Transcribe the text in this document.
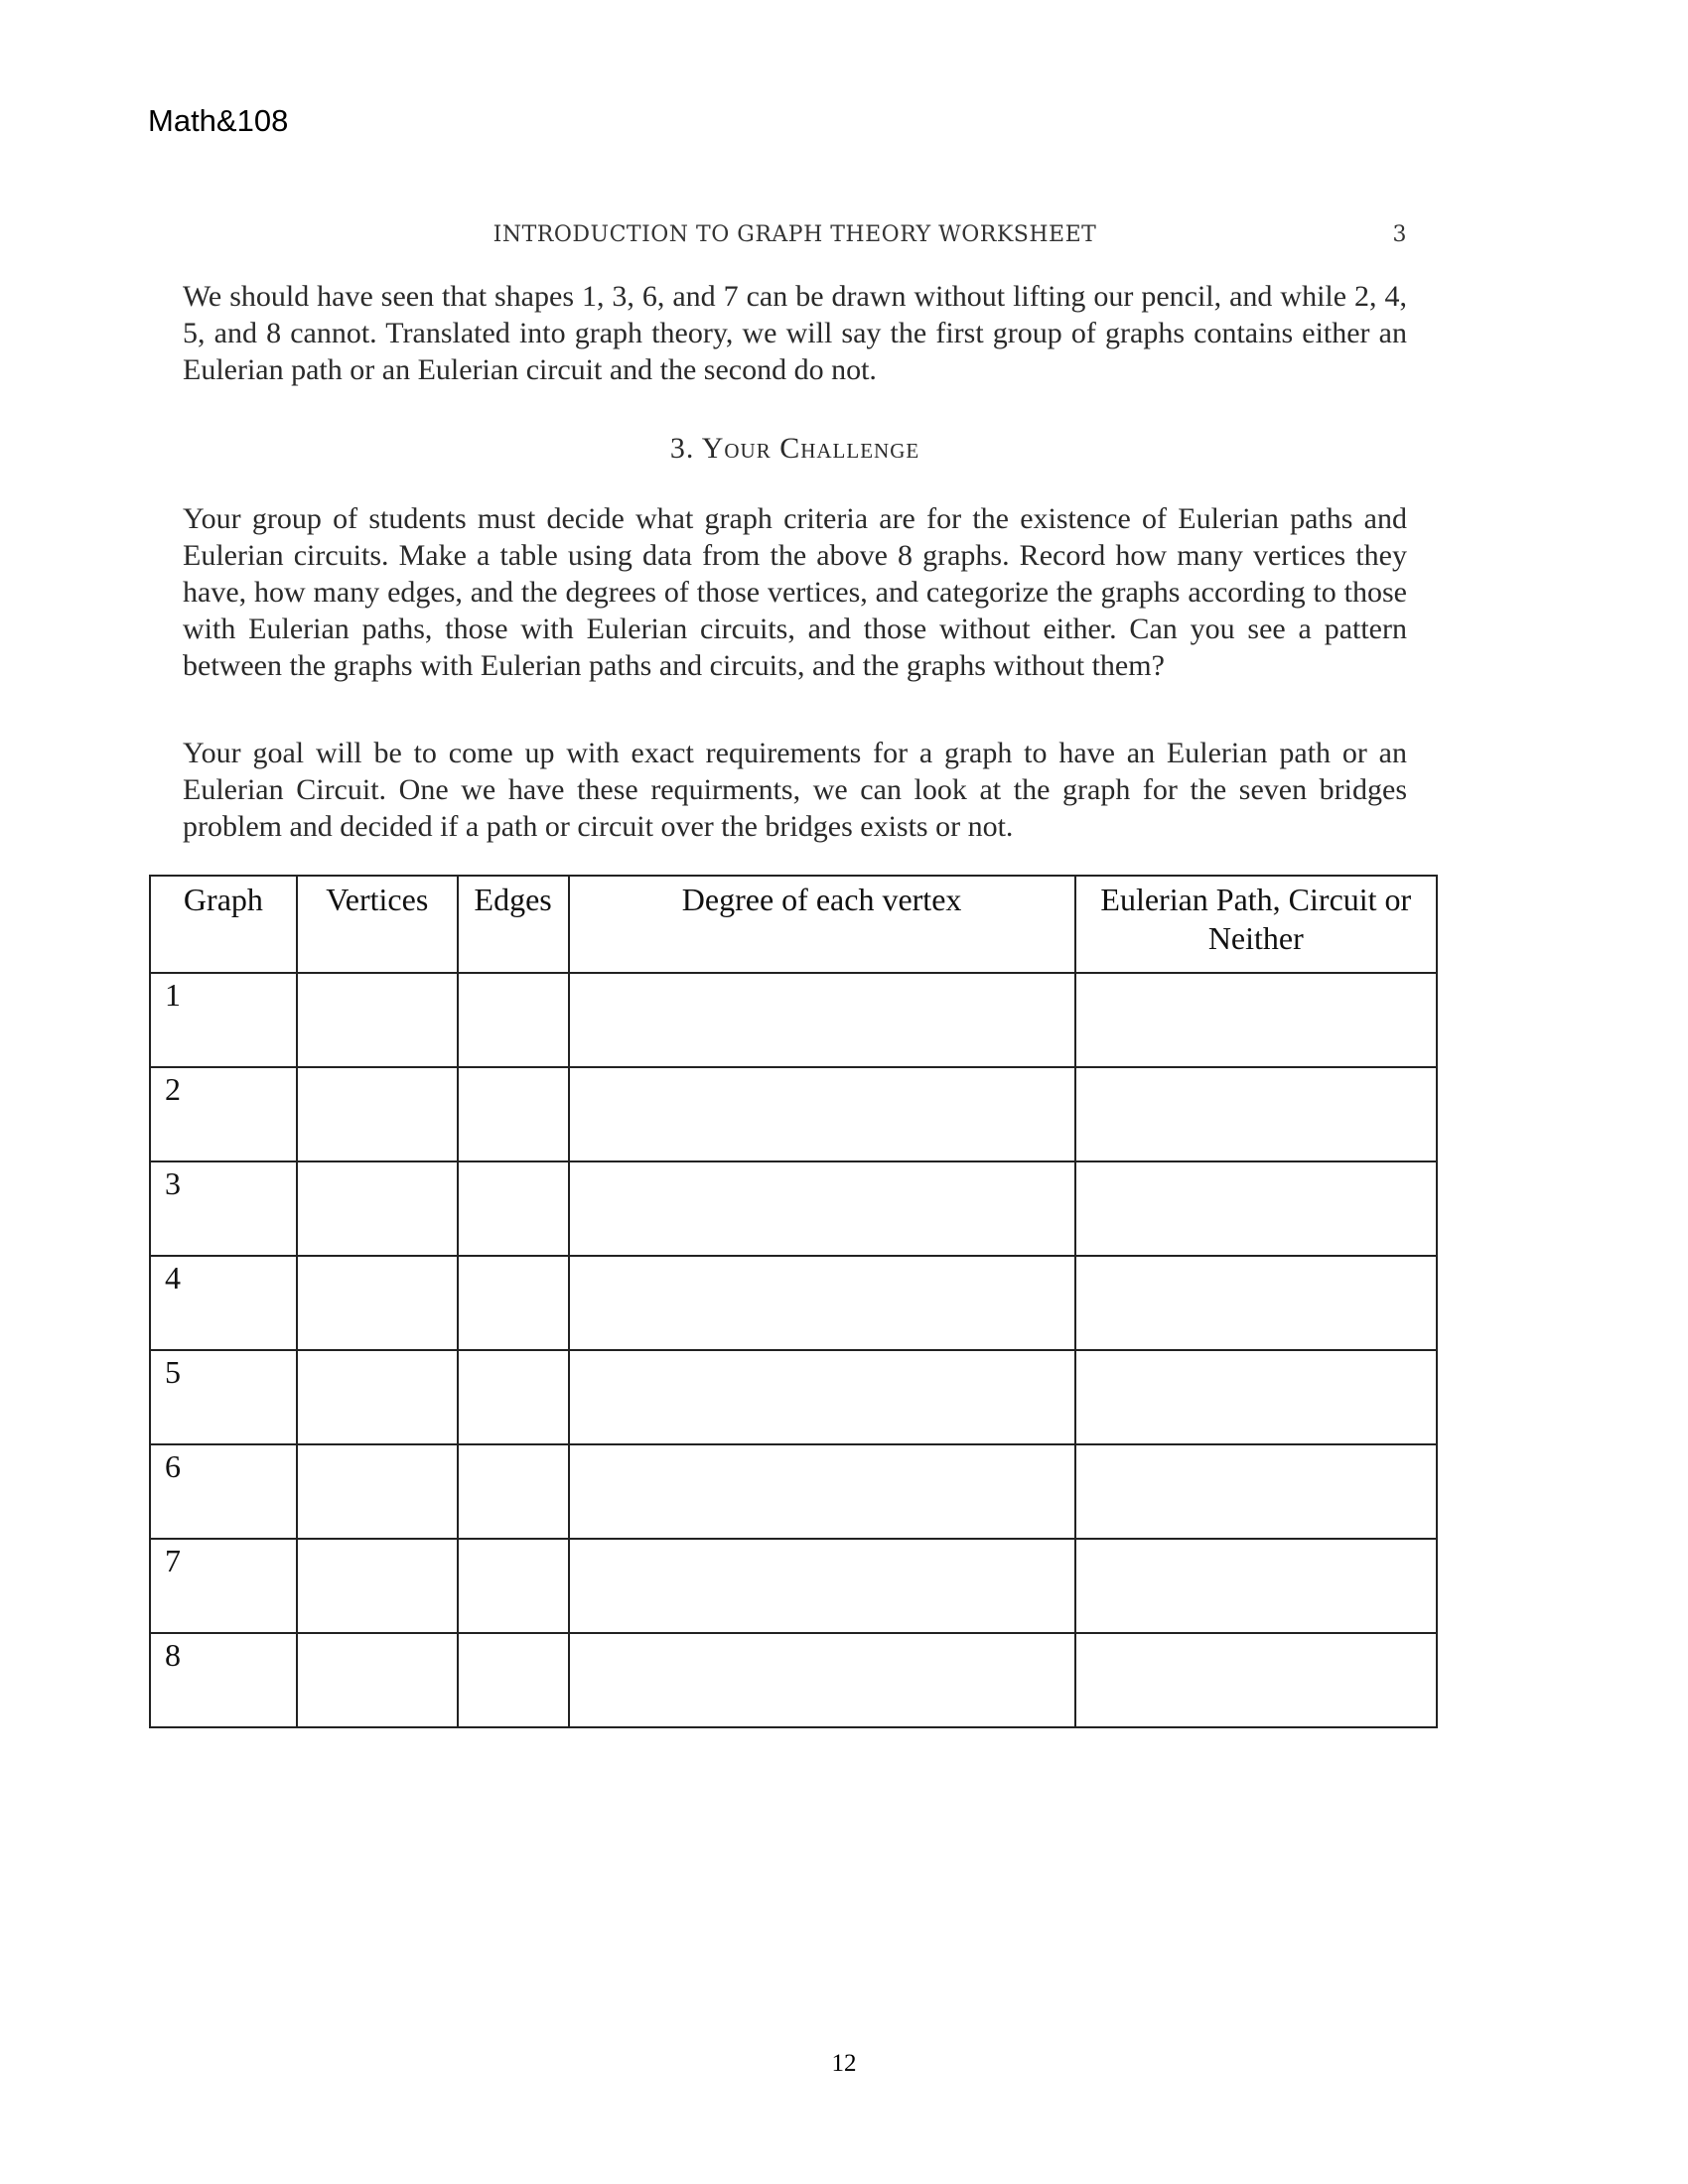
Math&108
INTRODUCTION TO GRAPH THEORY WORKSHEET	3

We should have seen that shapes 1, 3, 6, and 7 can be drawn without lifting our pencil, and while 2, 4, 5, and 8 cannot. Translated into graph theory, we will say the first group of graphs contains either an Eulerian path or an Eulerian circuit and the second do not.

3. Your Challenge

Your group of students must decide what graph criteria are for the existence of Eulerian paths and Eulerian circuits. Make a table using data from the above 8 graphs. Record how many vertices they have, how many edges, and the degrees of those vertices, and categorize the graphs according to those with Eulerian paths, those with Eulerian circuits, and those without either. Can you see a pattern between the graphs with Eulerian paths and circuits, and the graphs without them?

Your goal will be to come up with exact requirements for a graph to have an Eulerian path or an Eulerian Circuit. One we have these requirments, we can look at the graph for the seven bridges problem and decided if a path or circuit over the bridges exists or not.

Graph	Vertices	Edges	Degree of each vertex	Eulerian Path, Circuit or Neither
1				
2				
3				
4				
5				
6				
7				
8				
12
